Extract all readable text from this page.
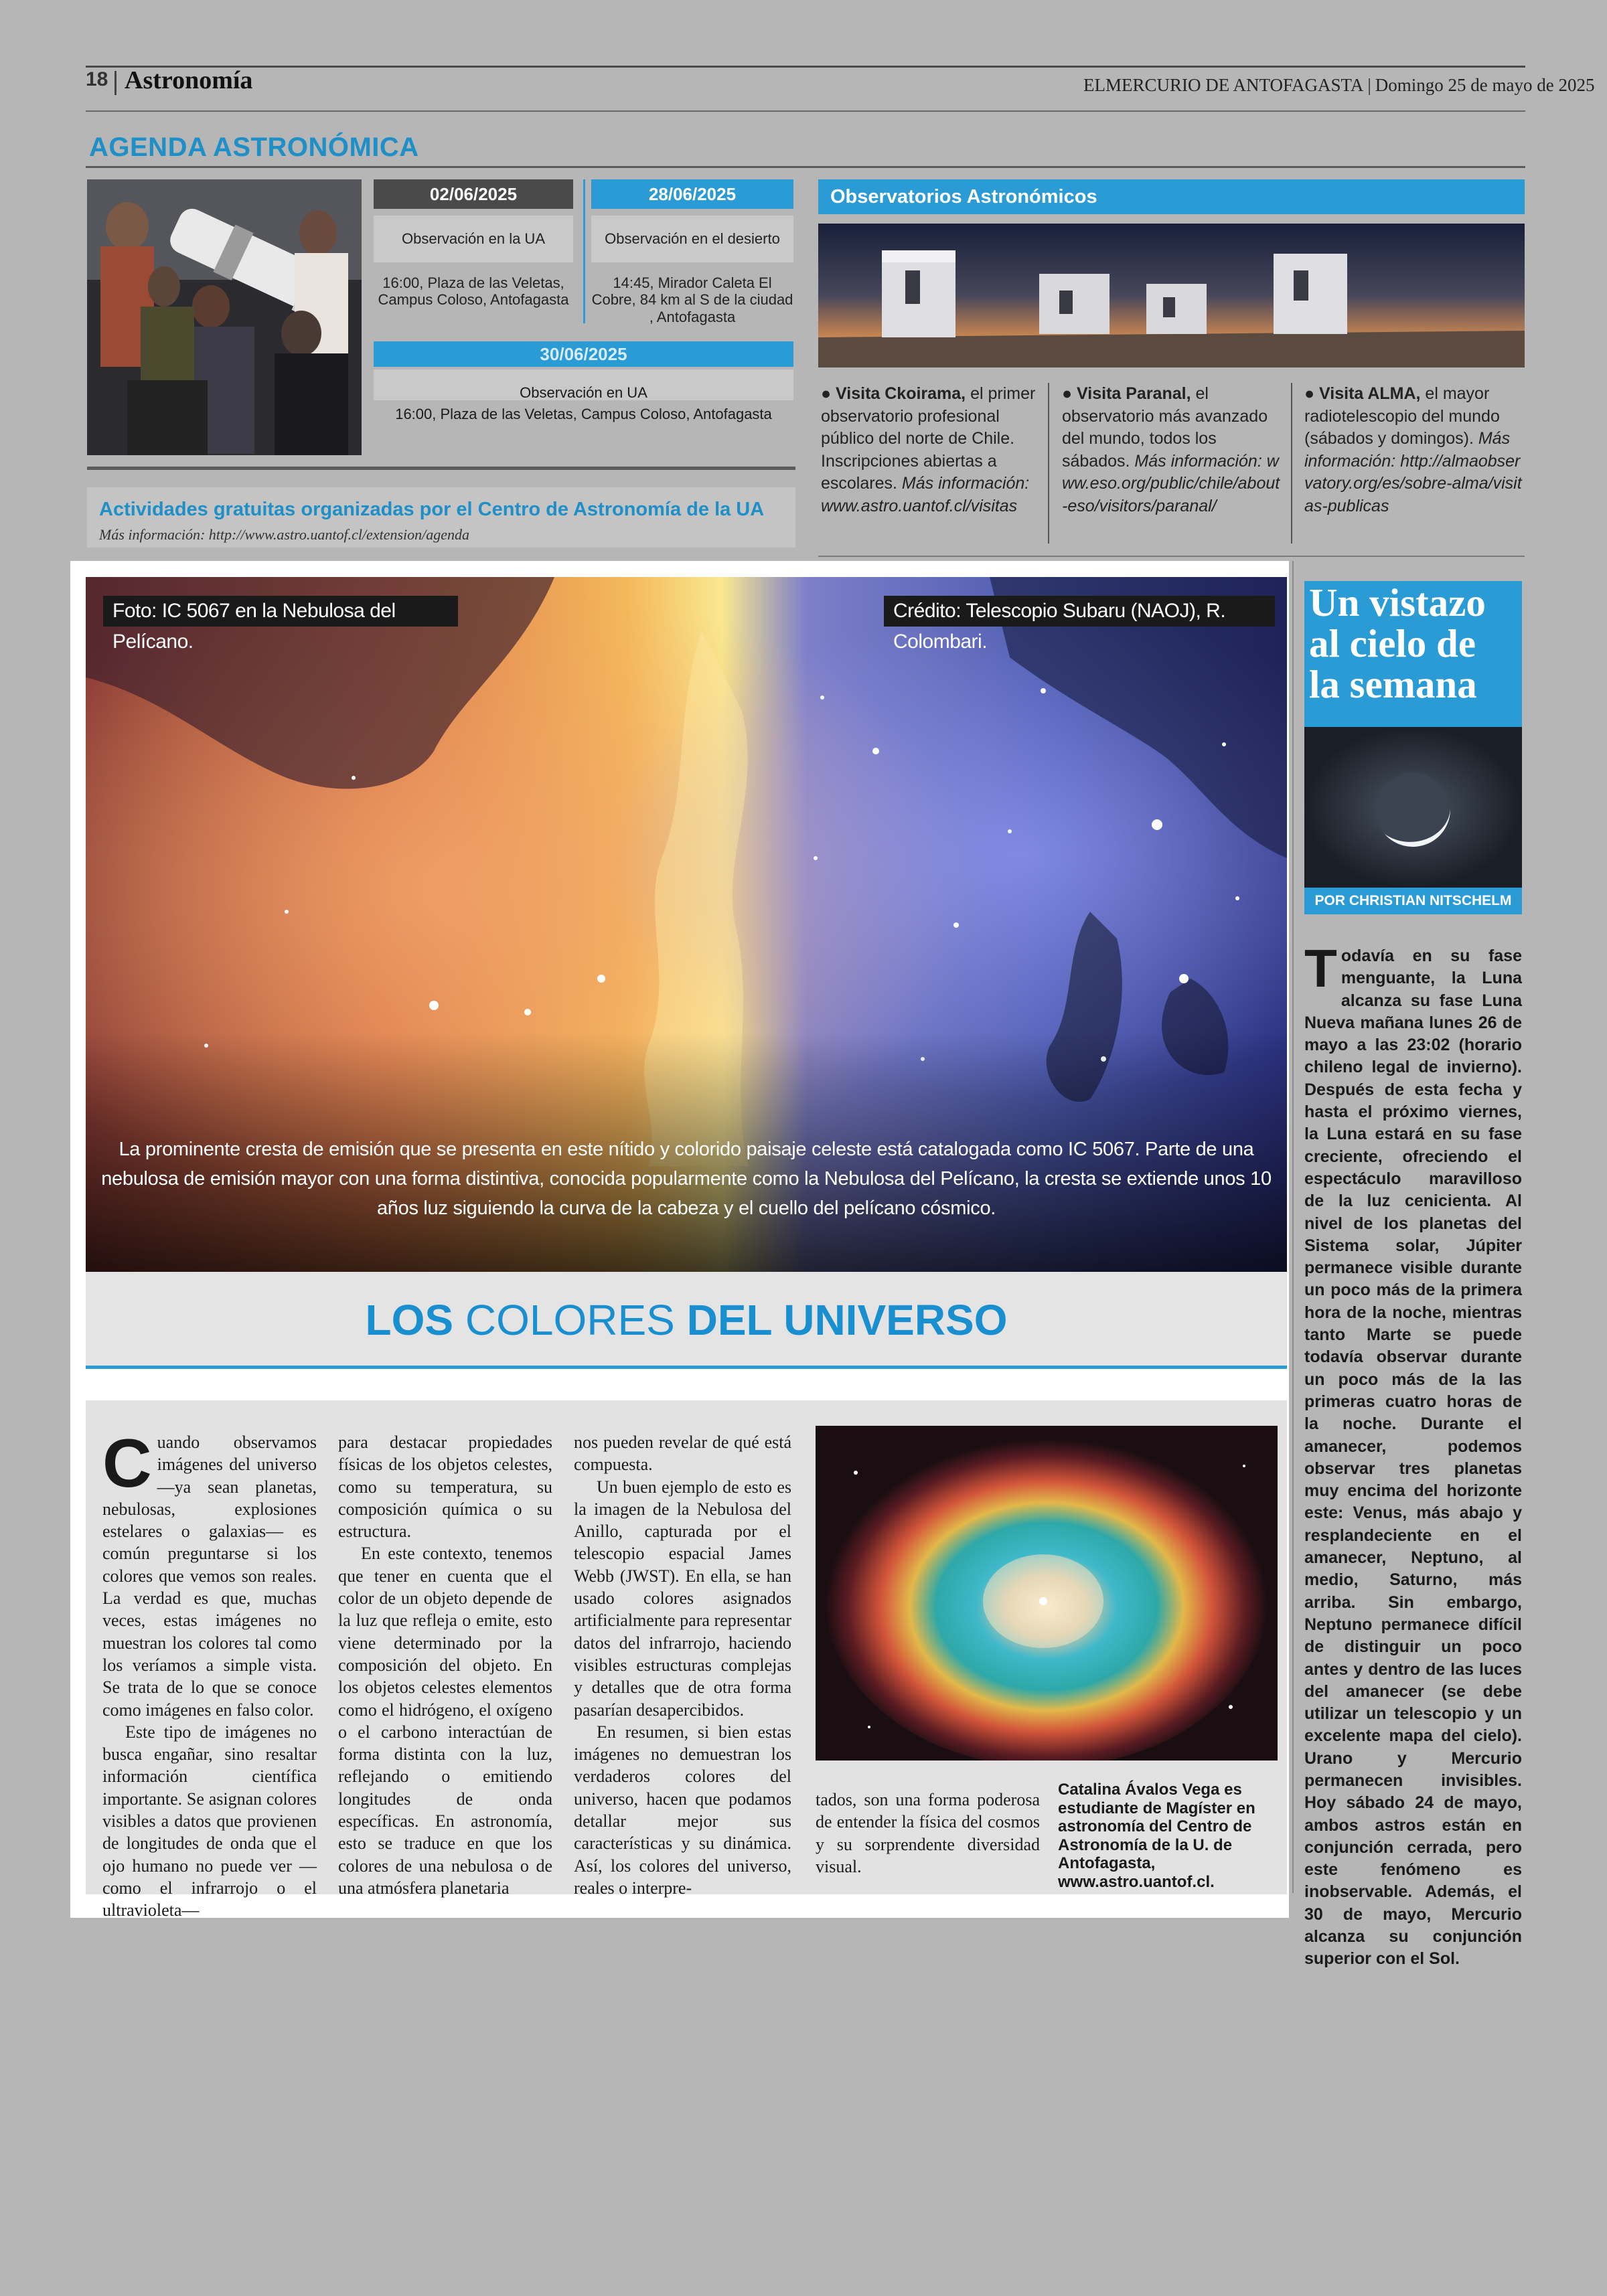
18 Astronomía	ELMERCURIO DE ANTOFAGASTA | Domingo 25 de mayo de 2025
AGENDA ASTRONÓMICA
02/06/2025	28/06/2025
Observación en la UA	Observación en el desierto
16:00, Plaza de las Veletas, Campus Coloso, Antofagasta
14:45, Mirador Caleta El Cobre, 84 km al S de la ciudad , Antofagasta
30/06/2025
Observación en UA
16:00, Plaza de las Veletas, Campus Coloso, Antofagasta
Actividades gratuitas organizadas por el Centro de Astronomía de la UA
Más información: http://www.astro.uantof.cl/extension/agenda
Observatorios Astronómicos
● Visita Ckoirama, el primer observatorio profesional público del norte de Chile. Inscripciones abiertas a escolares. Más información: www.astro.uantof.cl/visitas
● Visita Paranal, el observatorio más avanzado del mundo, todos los sábados. Más información: www.eso.org/public/chile/about-eso/visitors/paranal/
● Visita ALMA, el mayor radiotelescopio del mundo (sábados y domingos). Más información: http://almaobservatory.org/es/sobre-alma/visitas-publicas
Foto: IC 5067 en la Nebulosa del Pelícano.
Crédito: Telescopio Subaru (NAOJ), R. Colombari.
La prominente cresta de emisión que se presenta en este nítido y colorido paisaje celeste está catalogada como IC 5067. Parte de una nebulosa de emisión mayor con una forma distintiva, conocida popularmente como la Nebulosa del Pelícano, la cresta se extiende unos 10 años luz siguiendo la curva de la cabeza y el cuello del pelícano cósmico.
LOS COLORES DEL UNIVERSO

Cuando observamos imágenes del universo —ya sean planetas, nebulosas, explosiones estelares o galaxias— es común preguntarse si los colores que vemos son reales. La verdad es que, muchas veces, estas imágenes no muestran los colores tal como los veríamos a simple vista. Se trata de lo que se conoce como imágenes en falso color.

Este tipo de imágenes no busca engañar, sino resaltar información científica importante. Se asignan colores visibles a datos que provienen de longitudes de onda que el ojo humano no puede ver —como el infrarrojo o el ultravioleta—

para destacar propiedades físicas de los objetos celestes, como su temperatura, su composición química o su estructura.

En este contexto, tenemos que tener en cuenta que el color de un objeto depende de la luz que refleja o emite, esto viene determinado por la composición del objeto. En los objetos celestes elementos como el hidrógeno, el oxígeno o el carbono interactúan de forma distinta con la luz, reflejando o emitiendo longitudes de onda específicas. En astronomía, esto se traduce en que los colores de una nebulosa o de una atmósfera planetaria

nos pueden revelar de qué está compuesta.

Un buen ejemplo de esto es la imagen de la Nebulosa del Anillo, capturada por el telescopio espacial James Webb (JWST). En ella, se han usado colores asignados artificialmente para representar datos del infrarrojo, haciendo visibles estructuras complejas y detalles que de otra forma pasarían desapercibidos.

En resumen, si bien estas imágenes no demuestran los verdaderos colores del universo, hacen que podamos detallar mejor sus características y su dinámica. Así, los colores del universo, reales o interpre-

tados, son una forma poderosa de entender la física del cosmos y su sorprendente diversidad visual.

Catalina Ávalos Vega es estudiante de Magíster en astronomía del Centro de Astronomía de la U. de Antofagasta, www.astro.uantof.cl.
Un vistazo
al cielo de
la semana
POR CHRISTIAN NITSCHELM
Todavía en su fase menguante, la Luna alcanza su fase Luna Nueva mañana lunes 26 de mayo a las 23:02 (horario chileno legal de invierno). Después de esta fecha y hasta el próximo viernes, la Luna estará en su fase creciente, ofreciendo el espectáculo maravilloso de la luz cenicienta. Al nivel de los planetas del Sistema solar, Júpiter permanece visible durante un poco más de la primera hora de la noche, mientras tanto Marte se puede todavía observar durante un poco más de la las primeras cuatro horas de la noche. Durante el amanecer, podemos observar tres planetas muy encima del horizonte este: Venus, más abajo y resplandeciente en el amanecer, Neptuno, al medio, Saturno, más arriba. Sin embargo, Neptuno permanece difícil de distinguir un poco antes y dentro de las luces del amanecer (se debe utilizar un telescopio y un excelente mapa del cielo). Urano y Mercurio permanecen invisibles. Hoy sábado 24 de mayo, ambos astros están en conjunción cerrada, pero este fenómeno es inobservable. Además, el 30 de mayo, Mercurio alcanza su conjunción superior con el Sol.
